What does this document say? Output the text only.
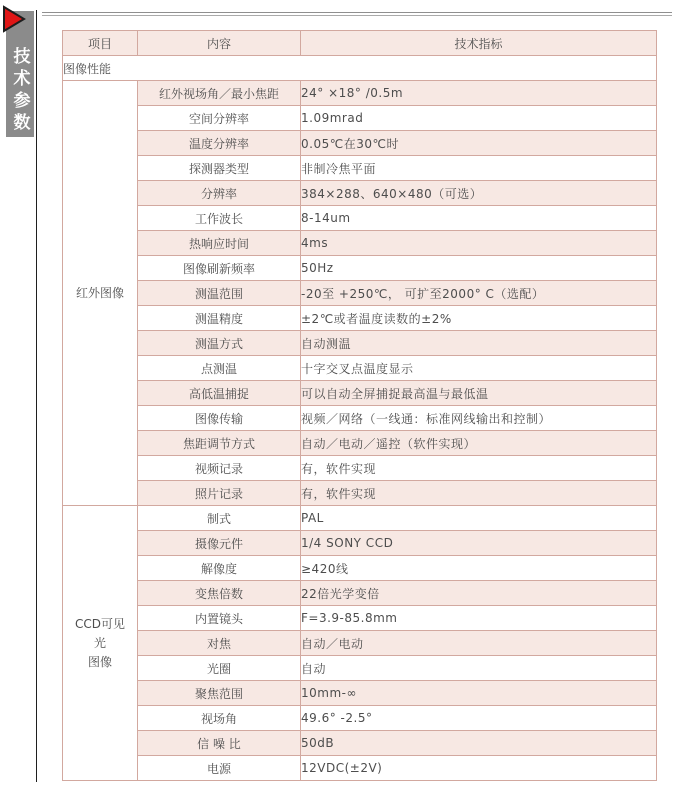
技术参数
项目	内容	技术指标
图像性能		

红外图像	红外视场角／最小焦距	24° ×18° /0.5m
	空间分辨率	1.09mrad
	温度分辨率	0.05℃在30℃时
	探测器类型	非制冷焦平面
	分辨率	384×288、640×480（可选）
	工作波长	8-14um
	热响应时间	4ms
	图像刷新频率	50Hz
	测温范围	-20至 +250℃， 可扩至2000° C（选配）
	测温精度	±2℃或者温度读数的±2%
	测温方式	自动测温
	点测温	十字交叉点温度显示
	高低温捕捉	可以自动全屏捕捉最高温与最低温
	图像传输	视频／网络（一线通：标准网线输出和控制）
	焦距调节方式	自动／电动／遥控（软件实现）
	视频记录	有，软件实现
	照片记录	有，软件实现

CCD可见
光
图像	制式	PAL
	摄像元件	1/4 SONY CCD
	解像度	≥420线
	变焦倍数	22倍光学变倍
	内置镜头	F=3.9-85.8mm
	对焦	自动／电动
	光圈	自动
	聚焦范围	10mm-∞
	视场角	49.6° -2.5°
	信 噪 比	50dB
	电源	12VDC(±2V)
